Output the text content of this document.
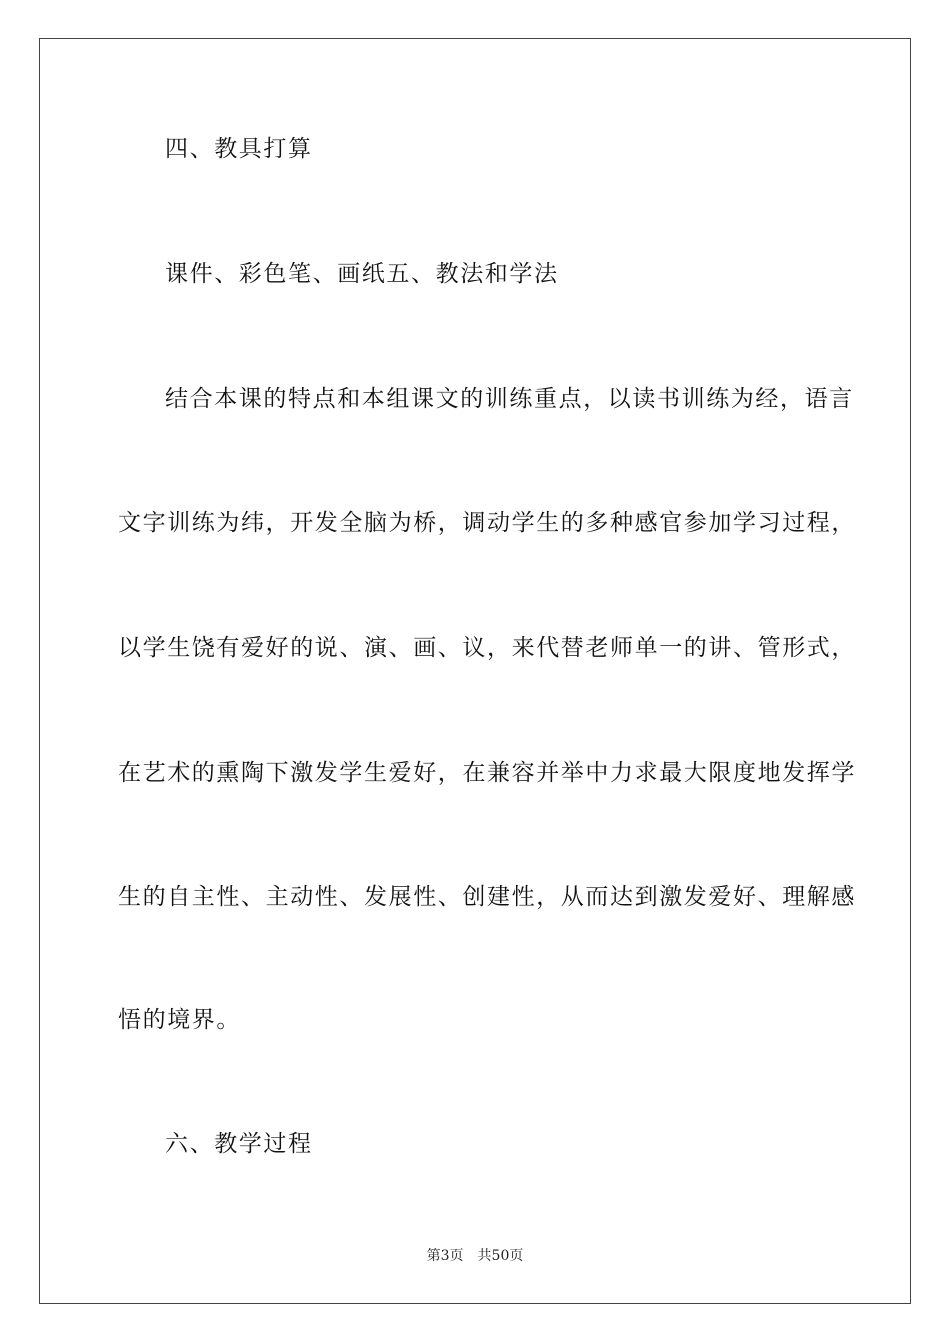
四、教具打算
课件、彩色笔、画纸五、教法和学法
结合本课的特点和本组课文的训练重点，以读书训练为经，语言
文字训练为纬，开发全脑为桥，调动学生的多种感官参加学习过程，
以学生饶有爱好的说、演、画、议，来代替老师单一的讲、管形式，
在艺术的熏陶下激发学生爱好，在兼容并举中力求最大限度地发挥学
生的自主性、主动性、发展性、创建性，从而达到激发爱好、理解感
悟的境界。
六、教学过程
第3页 共50页
